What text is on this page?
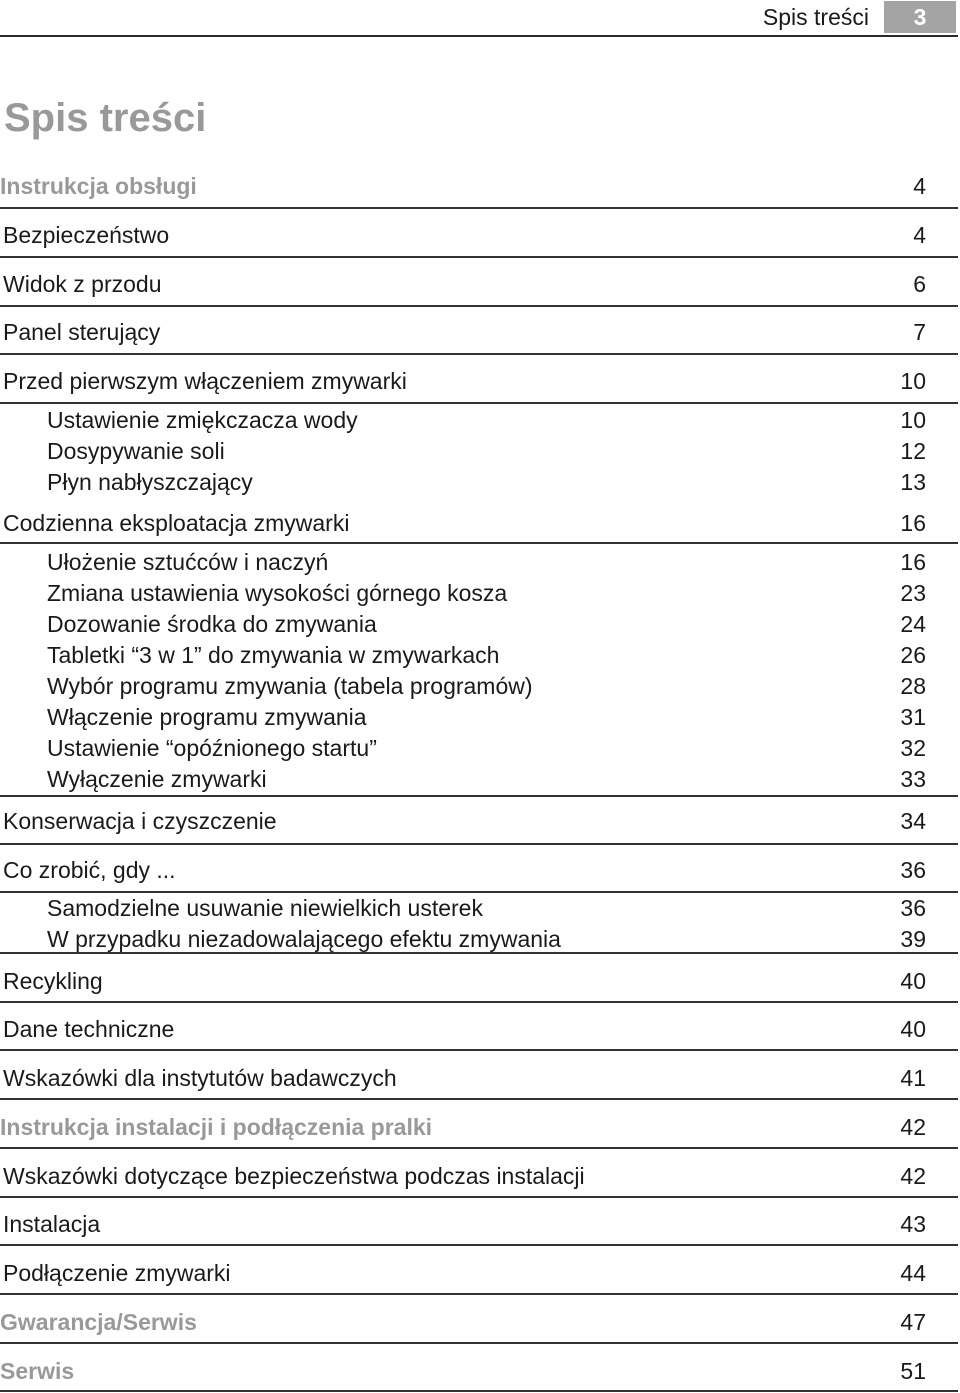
Spis treści	3
Spis treści
Instrukcja obsługi	4
Bezpieczeństwo	4
Widok z przodu	6
Panel sterujący	7
Przed pierwszym włączeniem zmywarki	10
Ustawienie zmiękczacza wody	10
Dosypywanie soli	12
Płyn nabłyszczający	13
Codzienna eksploatacja zmywarki	16
Ułożenie sztućców i naczyń	16
Zmiana ustawienia wysokości górnego kosza	23
Dozowanie środka do zmywania	24
Tabletki “3 w 1” do zmywania w zmywarkach	26
Wybór programu zmywania (tabela programów)	28
Włączenie programu zmywania	31
Ustawienie “opóźnionego startu”	32
Wyłączenie zmywarki	33
Konserwacja i czyszczenie	34
Co zrobić, gdy ...	36
Samodzielne usuwanie niewielkich usterek	36
W przypadku niezadowalającego efektu zmywania	39
Recykling	40
Dane techniczne	40
Wskazówki dla instytutów badawczych	41
Instrukcja instalacji i podłączenia pralki	42
Wskazówki dotyczące bezpieczeństwa podczas instalacji	42
Instalacja	43
Podłączenie zmywarki	44
Gwarancja/Serwis	47
Serwis	51
